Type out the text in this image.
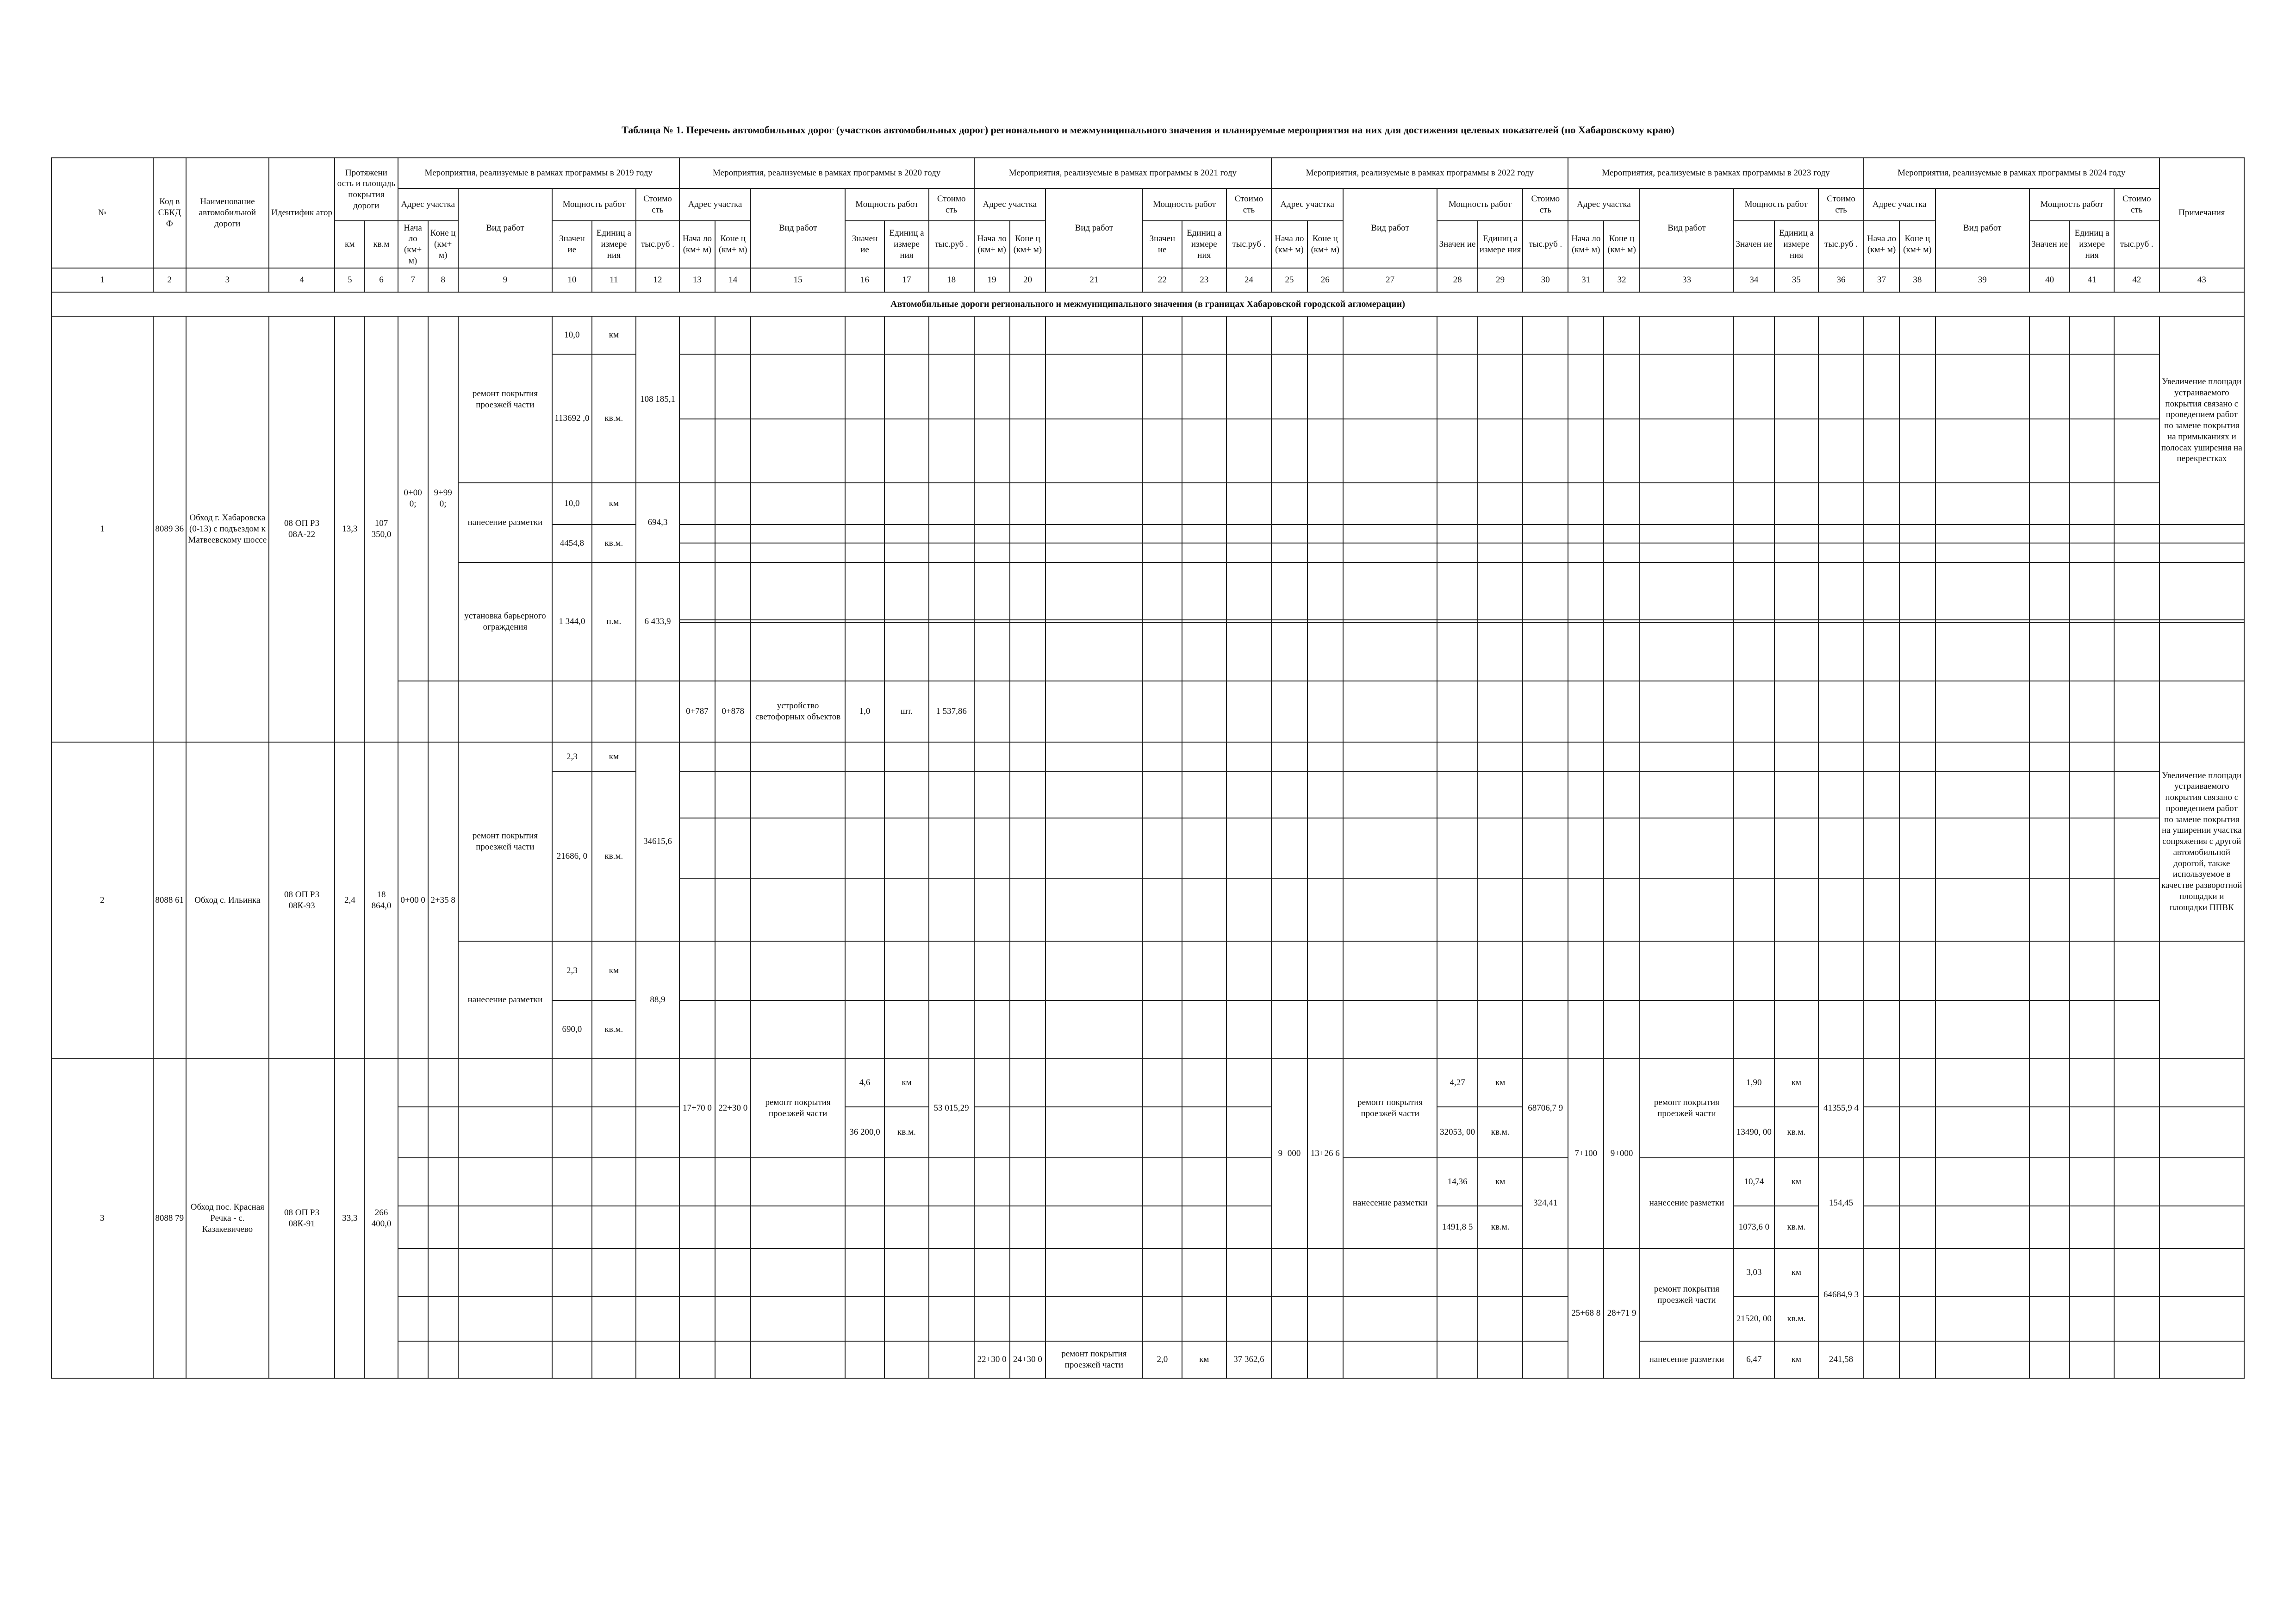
Таблица № 1. Перечень автомобильных дорог (участков автомобильных дорог) регионального и межмуниципального значения и планируемые мероприятия на них для достижения целевых показателей (по Хабаровскому краю)
№	Код в СБКД Ф	Наименование автомобильной дороги	Идентифик атор	Протяжени ость и площадь покрытия дороги		Мероприятия, реализуемые в рамках программы в 2019 году						Мероприятия, реализуемые в рамках программы в 2020 году						Мероприятия, реализуемые в рамках программы в 2021 году						Мероприятия, реализуемые в рамках программы в 2022 году						Мероприятия, реализуемые в рамках программы в 2023 году						Мероприятия, реализуемые в рамках программы в 2024 году						Примечания
						Адрес участка		Вид работ	Мощность работ		Стоимо сть	Адрес участка		Вид работ	Мощность работ		Стоимо сть	Адрес участка		Вид работ	Мощность работ		Стоимо сть	Адрес участка		Вид работ	Мощность работ		Стоимо сть	Адрес участка		Вид работ	Мощность работ		Стоимо сть	Адрес участка		Вид работ	Мощность работ		Стоимо сть	
				км	кв.м	Нача ло (км+ м)	Коне ц (км+ м)		Значен ие	Единиц а измере ния	тыс.руб .	Нача ло (км+ м)	Коне ц (км+ м)		Значен ие	Единиц а измере ния	тыс.руб .	Нача ло (км+ м)	Коне ц (км+ м)		Значен ие	Единиц а измере ния	тыс.руб .	Нача ло (км+ м)	Коне ц (км+ м)		Значен ие	Единиц а измере ния	тыс.руб .	Нача ло (км+ м)	Коне ц (км+ м)		Значен ие	Единиц а измере ния	тыс.руб .	Нача ло (км+ м)	Коне ц (км+ м)		Значен ие	Единиц а измере ния	тыс.руб .	
1	2	3	4	5	6	7	8	9	10	11	12	13	14	15	16	17	18	19	20	21	22	23	24	25	26	27	28	29	30	31	32	33	34	35	36	37	38	39	40	41	42	43
Автомобильные дороги регионального и межмуниципального значения (в границах Хабаровской городской агломерации)																																										
1	8089 36	Обход г. Хабаровска (0-13) с подъездом к Матвеевскому шоссе	08 ОП РЗ 08А-22	13,3	107 350,0	0+00 0;	9+99 0;	ремонт покрытия проезжей части	10,0	км	108 185,1																															Увеличение площади устраиваемого покрытия связано с проведением работ по замене покрытия на примыканиях и полосах уширения на перекрестках
									113692 ,0	кв.м.																																

								нанесение разметки	10,0	км	694,3																															
									4454,8	кв.м.																																

								установка барьерного ограждения	1 344,0	п.м.	6 433,9																															

												0+787	0+878	устройство светофорных объектов	1,0	шт.	1 537,86																									
2	8088 61	Обход с. Ильинка	08 ОП РЗ 08К-93	2,4	18 864,0	0+00 0	2+35 8	ремонт покрытия проезжей части	2,3	км	34615,6																															Увеличение площади устраиваемого покрытия связано с проведением работ по замене покрытия на уширении участка сопряжения с другой автомобильной дорогой, также используемое в качестве разворотной площадки и площадки ППВК
									21686, 0	кв.м.																																

								нанесение разметки	2,3	км	88,9																															
									690,0	кв.м.																																
3	8088 79	Обход пос. Красная Речка - с. Казакевичево	08 ОП РЗ 08К-91	33,3	266 400,0							17+70 0	22+30 0	ремонт покрытия проезжей части	4,6	км	53 015,29							9+000	13+26 6	ремонт покрытия проезжей части	4,27	км	68706,7 9	7+100	9+000	ремонт покрытия проезжей части	1,90	км	41355,9 4							
															36 200,0	кв.м.											32053, 00	кв.м.					13490, 00	кв.м.								
																										нанесение разметки	14,36	км	324,41			нанесение разметки	10,74	км	154,45							
																											1491,8 5	кв.м.					1073,6 0	кв.м.								
																														25+68 8	28+71 9	ремонт покрытия проезжей части	3,03	км	64684,9 3							
																																	21520, 00	кв.м.								
																		22+30 0	24+30 0	ремонт покрытия проезжей части	2,0	км	37 362,6									нанесение разметки	6,47	км	241,58							
